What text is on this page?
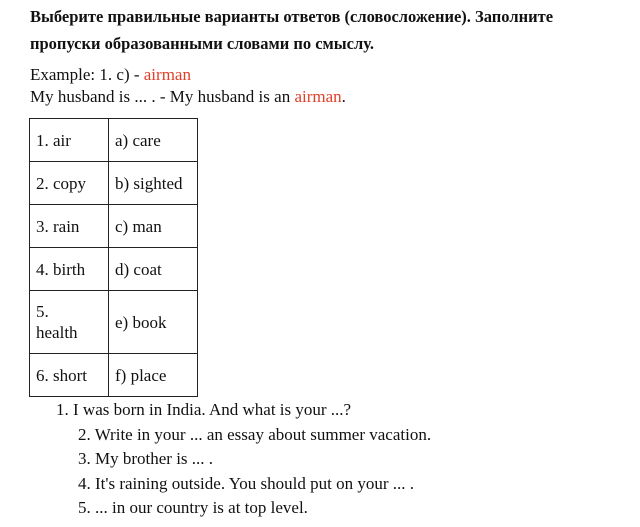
Выберите правильные варианты ответов (словосложение). Заполните
пропуски образованными словами по смыслу.
Example: 1. c) - airman
My husband is ... . - My husband is an airman.
1. air	a) care
2. copy	b) sighted
3. rain	c) man
4. birth	d) coat

5.
health	e) book
6. short	f) place
1. I was born in India. And what is your ...?
2. Write in your ... an essay about summer vacation.
3. My brother is ... .
4. It's raining outside. You should put on your ... .
5. ... in our country is at top level.
